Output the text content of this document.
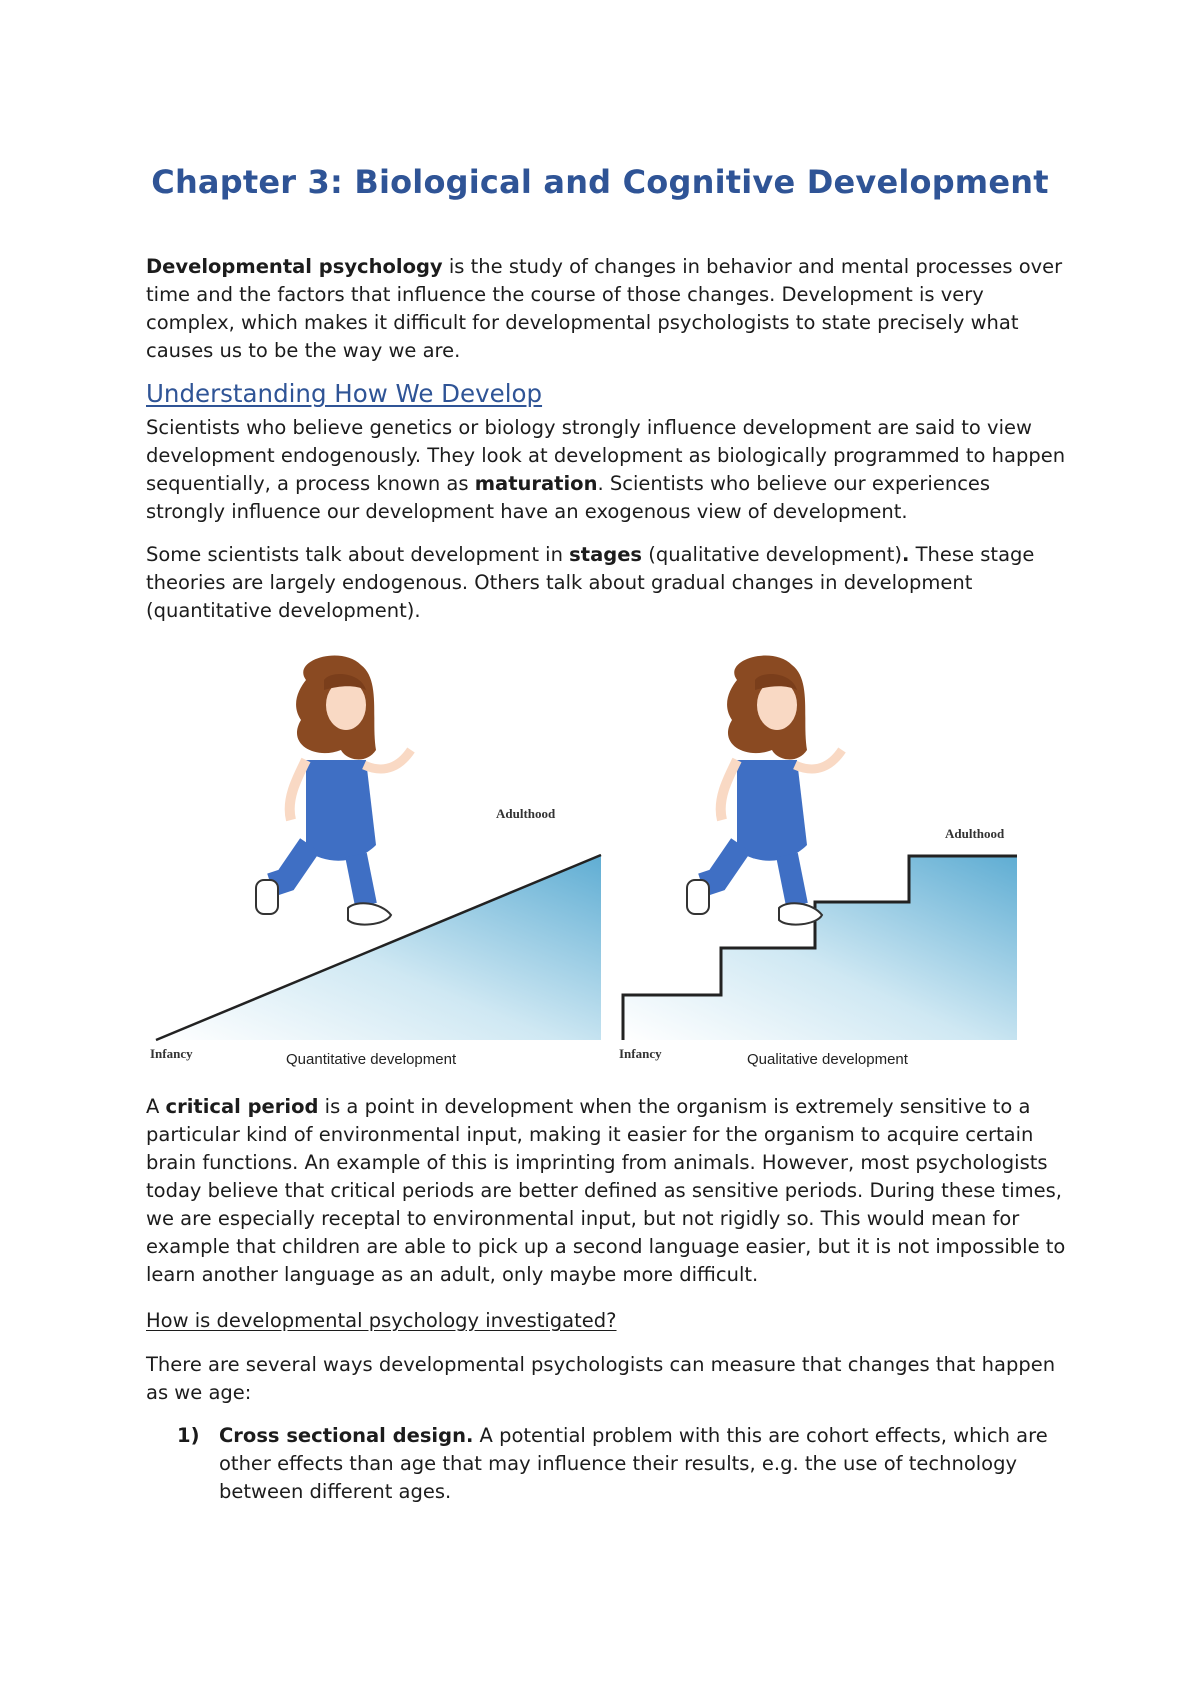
Chapter 3: Biological and Cognitive Development

Developmental psychology is the study of changes in behavior and mental processes over time and the factors that influence the course of those changes. Development is very complex, which makes it difficult for developmental psychologists to state precisely what causes us to be the way we are.

Understanding How We Develop

Scientists who believe genetics or biology strongly influence development are said to view development endogenously. They look at development as biologically programmed to happen sequentially, a process known as maturation. Scientists who believe our experiences strongly influence our development have an exogenous view of development.

Some scientists talk about development in stages (qualitative development). These stage theories are largely endogenous. Others talk about gradual changes in development (quantitative development).

Adulthood
Infancy	Quantitative development
Adulthood
Infancy	Qualitative development

A critical period is a point in development when the organism is extremely sensitive to a particular kind of environmental input, making it easier for the organism to acquire certain brain functions. An example of this is imprinting from animals. However, most psychologists today believe that critical periods are better defined as sensitive periods. During these times, we are especially receptal to environmental input, but not rigidly so. This would mean for example that children are able to pick up a second language easier, but it is not impossible to learn another language as an adult, only maybe more difficult.

How is developmental psychology investigated?

There are several ways developmental psychologists can measure that changes that happen as we age:

1) Cross sectional design. A potential problem with this are cohort effects, which are other effects than age that may influence their results, e.g. the use of technology between different ages.
